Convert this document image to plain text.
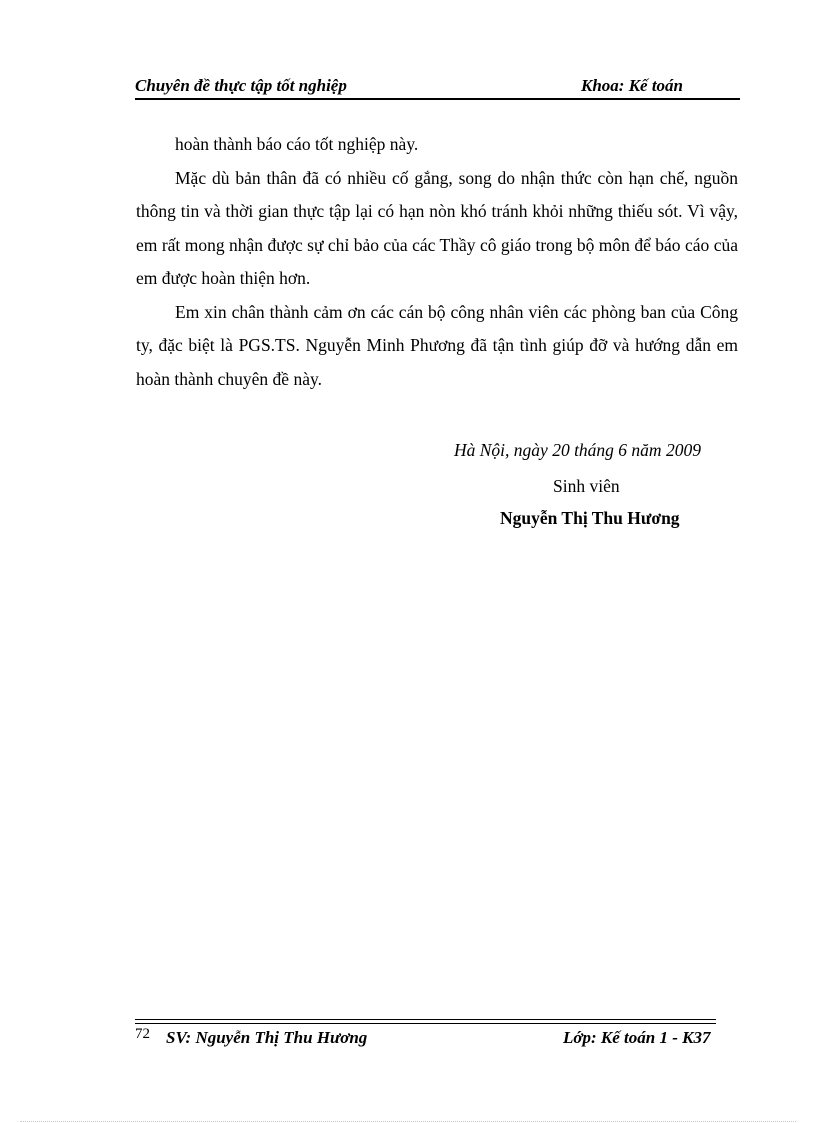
Chuyên đề thực tập tốt nghiệp	Khoa: Kế toán

hoàn thành báo cáo tốt nghiệp này.

Mặc dù bản thân đã có nhiều cố gắng, song do nhận thức còn hạn chế, nguồn thông tin và thời gian thực tập lại có hạn nòn khó tránh khỏi những thiếu sót. Vì vậy, em rất mong nhận được sự chỉ bảo của các Thầy cô giáo trong bộ môn để báo cáo của em được hoàn thiện hơn.

Em xin chân thành cảm ơn các cán bộ công nhân viên các phòng ban của Công ty, đặc biệt là PGS.TS. Nguyễn Minh Phương đã tận tình giúp đỡ và hướng dẫn em hoàn thành chuyên đề này.

Hà Nội, ngày 20 tháng 6 năm 2009
Sinh viên
Nguyễn Thị Thu Hương
72 SV: Nguyễn Thị Thu Hương	Lớp: Kế toán 1 - K37
